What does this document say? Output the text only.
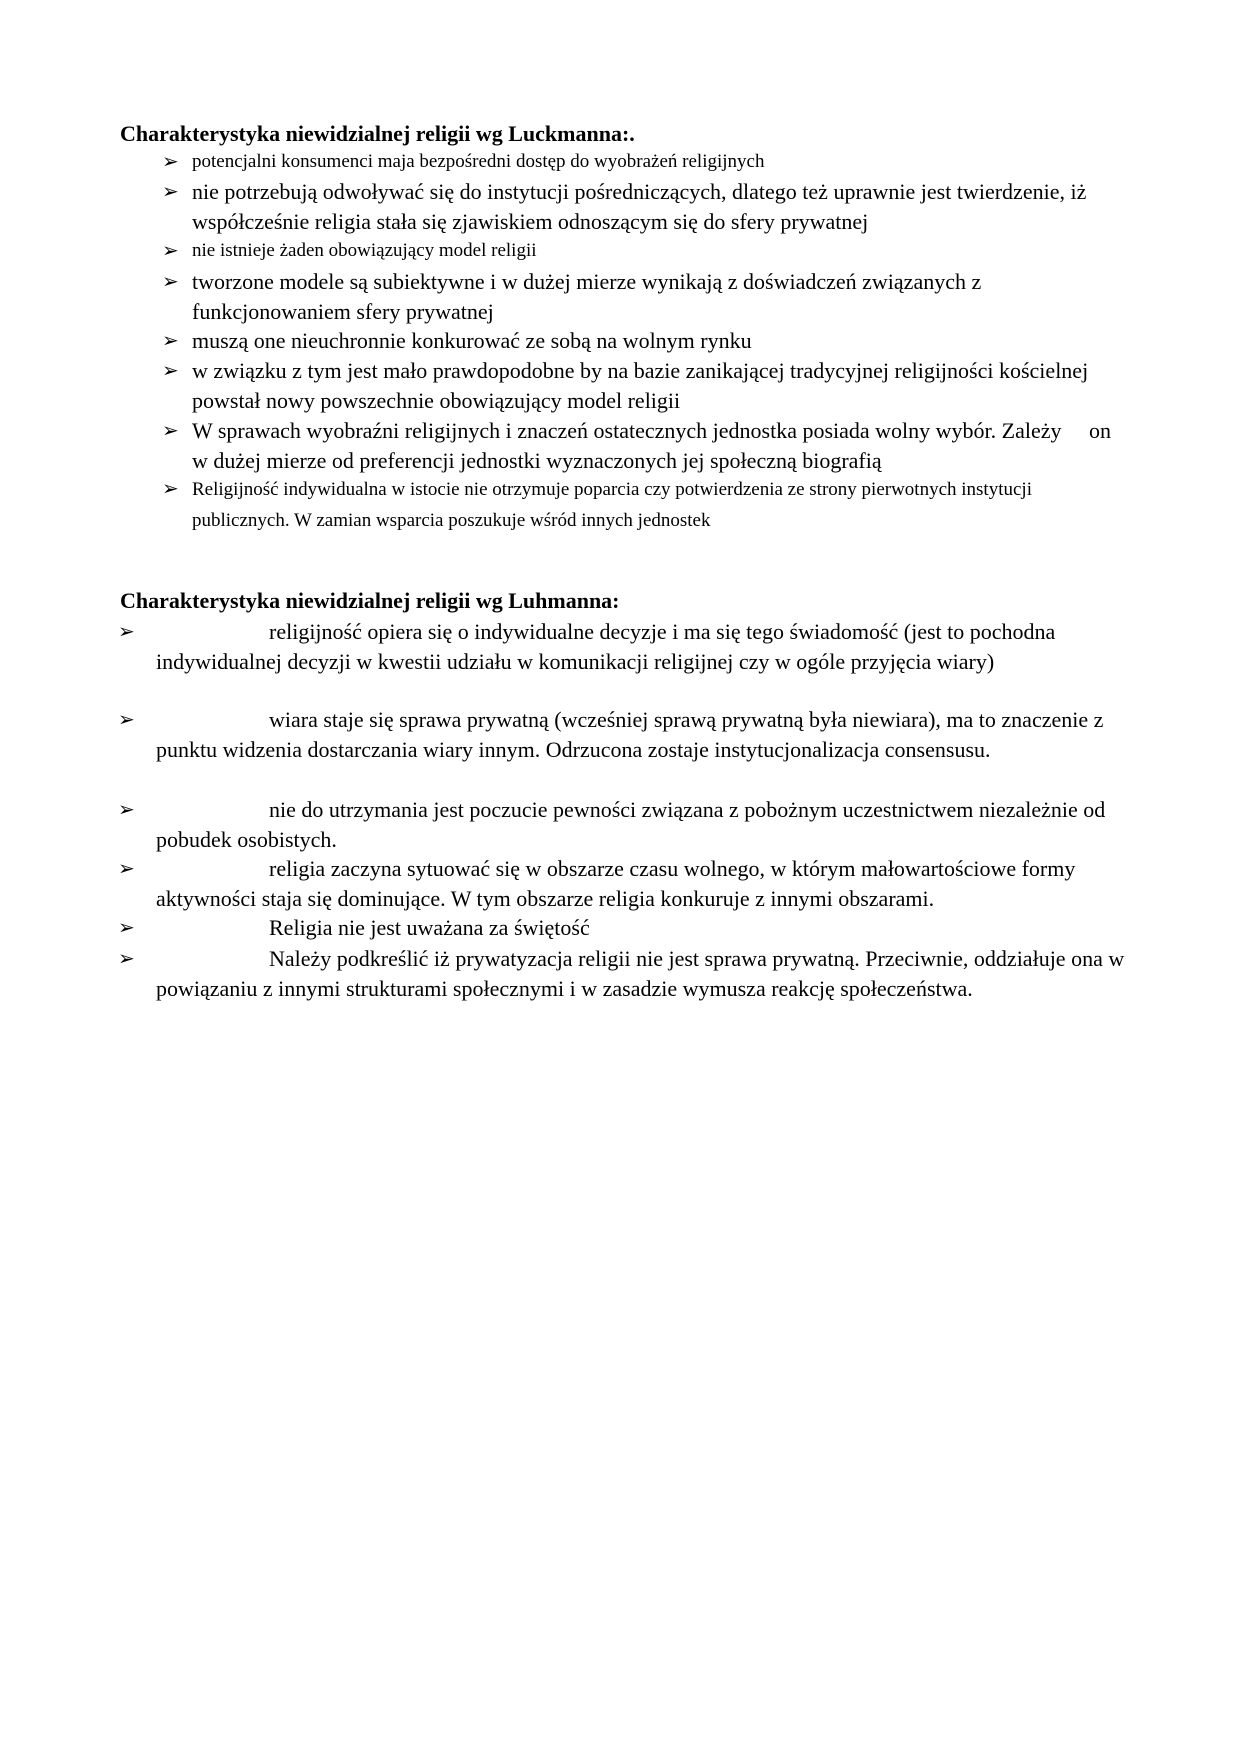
Charakterystyka niewidzialnej religii wg Luckmanna:.
➢ potencjalni konsumenci maja bezpośredni dostęp do wyobrażeń religijnych
➢ nie potrzebują odwoływać się do instytucji pośredniczących, dlatego też uprawnie jest twierdzenie, iż współcześnie religia stała się zjawiskiem odnoszącym się do sfery prywatnej
➢ nie istnieje żaden obowiązujący model religii
➢ tworzone modele są subiektywne i w dużej mierze wynikają z doświadczeń związanych z funkcjonowaniem sfery prywatnej
➢ muszą one nieuchronnie konkurować ze sobą na wolnym rynku
➢ w związku z tym jest mało prawdopodobne by na bazie zanikającej tradycyjnej religijności kościelnej powstał nowy powszechnie obowiązujący model religii
➢ W sprawach wyobraźni religijnych i znaczeń ostatecznych jednostka posiada wolny wybór. Zależy     on w dużej mierze od preferencji jednostki wyznaczonych jej społeczną biografią
➢ Religijność indywidualna w istocie nie otrzymuje poparcia czy potwierdzenia ze strony pierwotnych instytucji publicznych. W zamian wsparcia poszukuje wśród innych jednostek
Charakterystyka niewidzialnej religii wg Luhmanna:
➢	religijność opiera się o indywidualne decyzje i ma się tego świadomość (jest to pochodna indywidualnej decyzji w kwestii udziału w komunikacji religijnej czy w ogóle przyjęcia wiary)
➢	wiara staje się sprawa prywatną (wcześniej sprawą prywatną była niewiara), ma to znaczenie z punktu widzenia dostarczania wiary innym. Odrzucona zostaje instytucjonalizacja consensusu.
➢	nie do utrzymania jest poczucie pewności związana z pobożnym uczestnictwem niezależnie od pobudek osobistych.
➢	religia zaczyna sytuować się w obszarze czasu wolnego, w którym małowartościowe formy aktywności staja się dominujące. W tym obszarze religia konkuruje z innymi obszarami.
➢	Religia nie jest uważana za świętość
➢	Należy podkreślić iż prywatyzacja religii nie jest sprawa prywatną. Przeciwnie, oddziałuje ona w powiązaniu z innymi strukturami społecznymi i w zasadzie wymusza reakcję społeczeństwa.
